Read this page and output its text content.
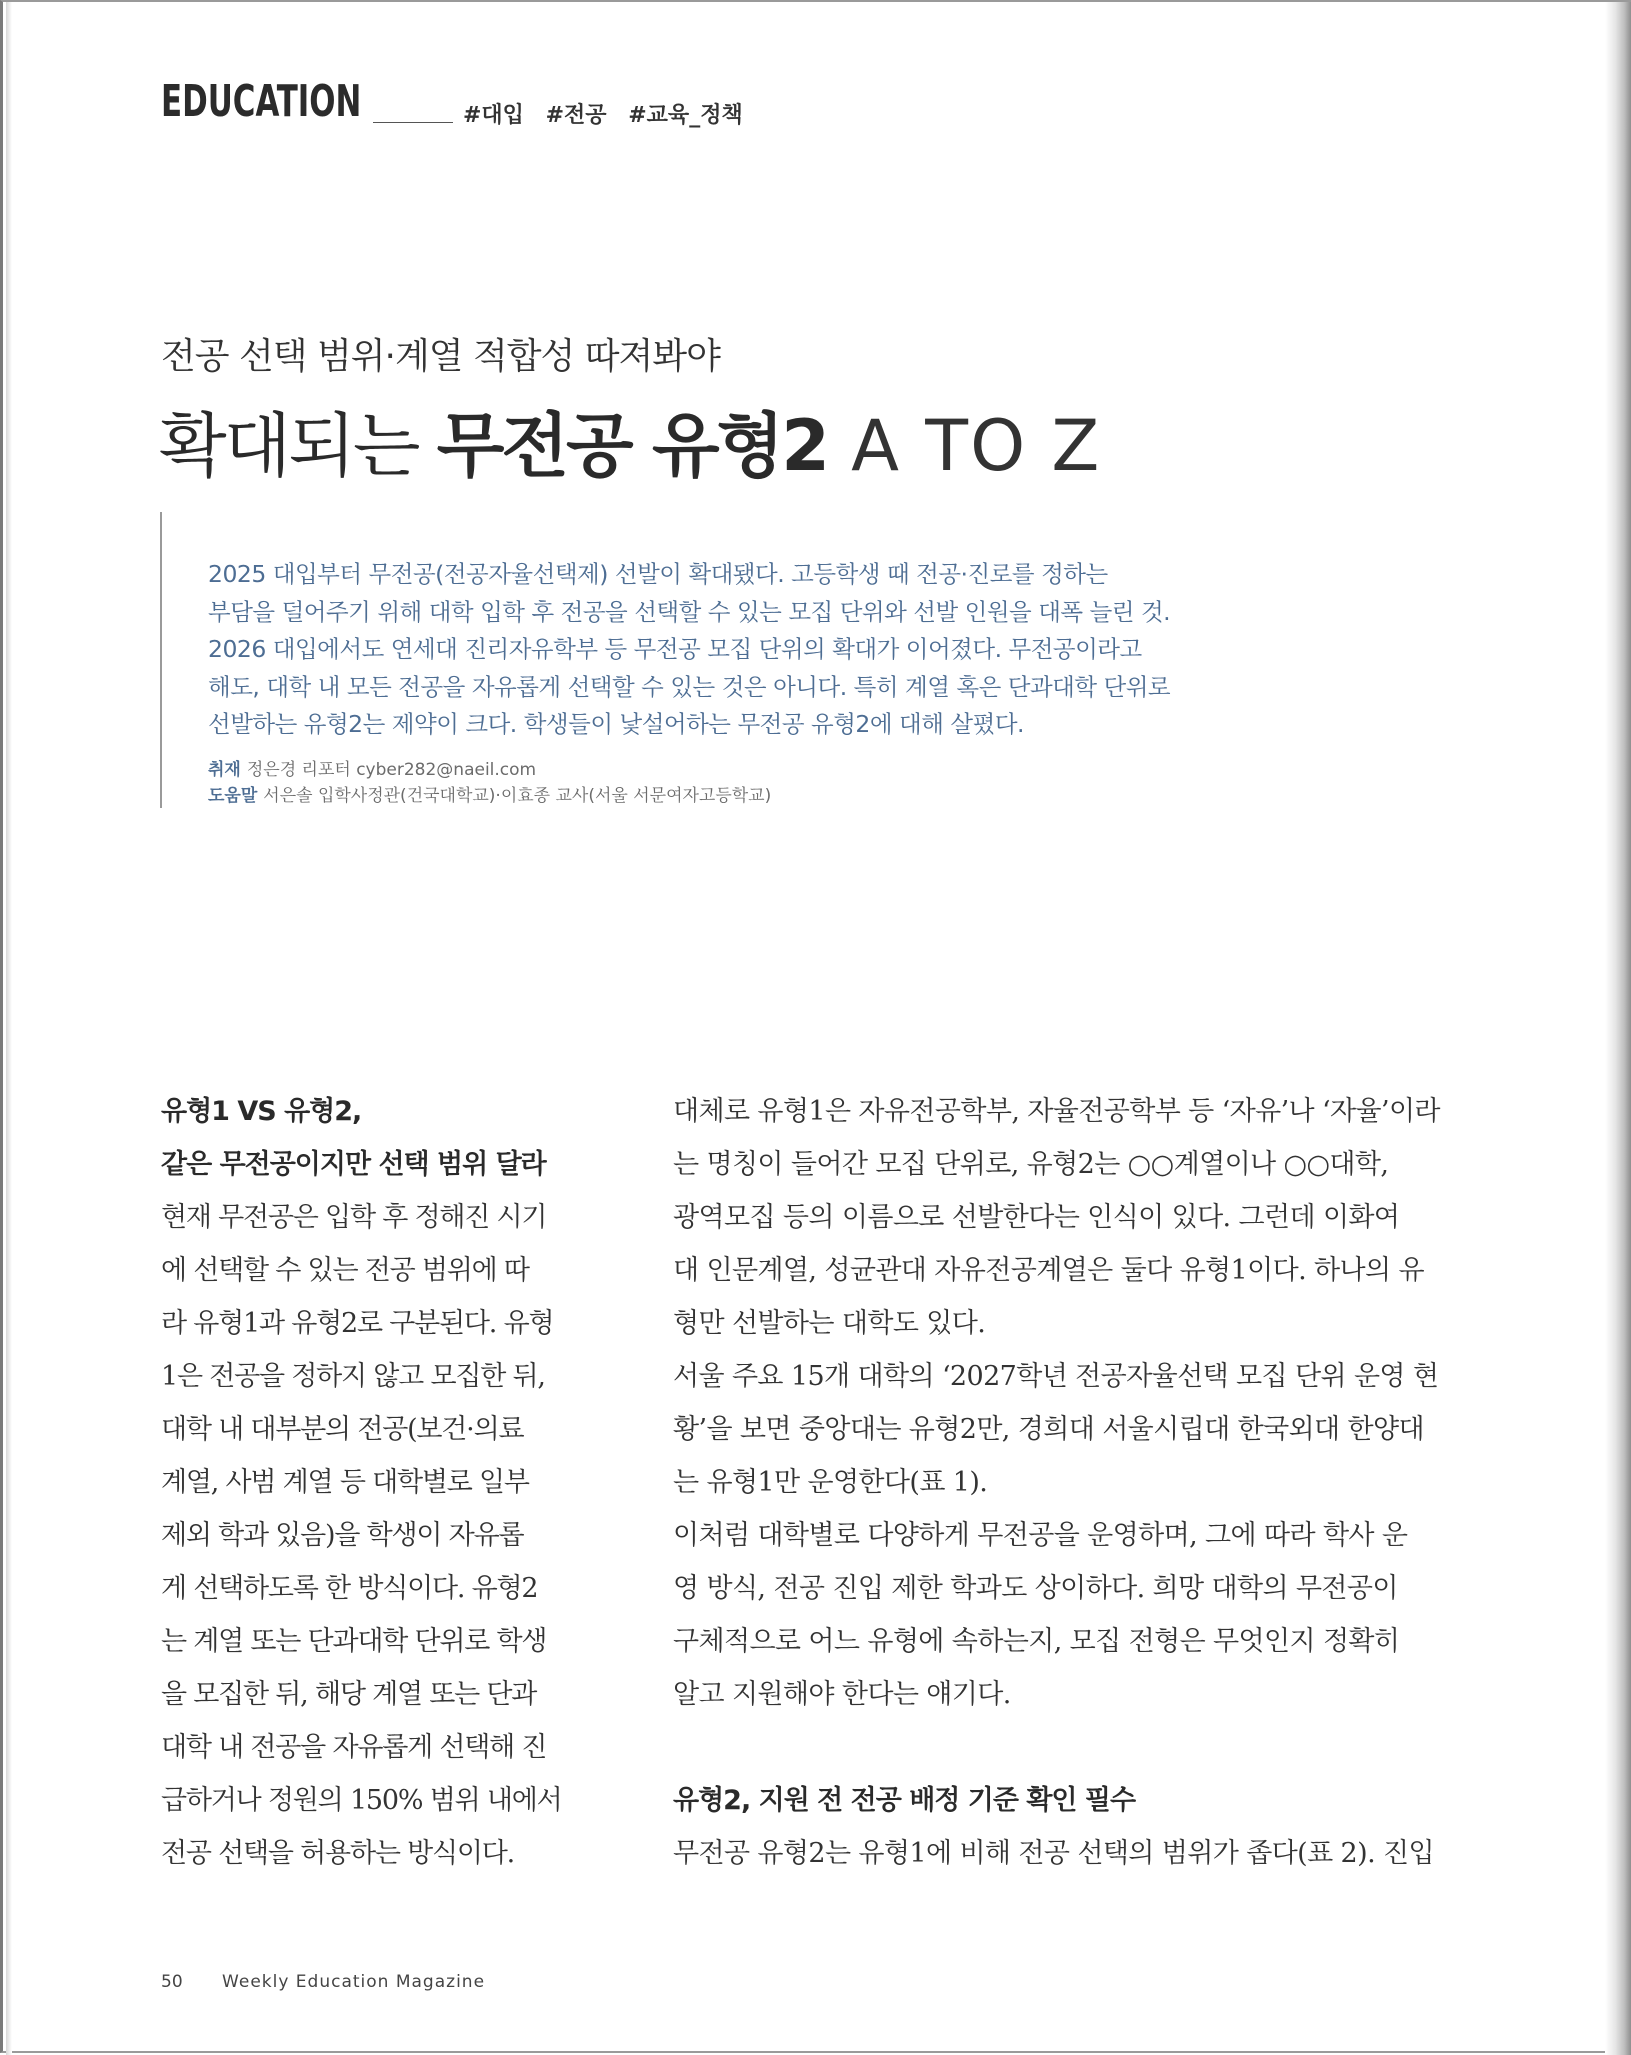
EDUCATION	#대입 #전공 #교육_정책
전공 선택 범위·계열 적합성 따져봐야
확대되는 무전공 유형2 A TO Z

2025 대입부터 무전공(전공자율선택제) 선발이 확대됐다. 고등학생 때 전공·진로를 정하는

부담을 덜어주기 위해 대학 입학 후 전공을 선택할 수 있는 모집 단위와 선발 인원을 대폭 늘린 것.

2026 대입에서도 연세대 진리자유학부 등 무전공 모집 단위의 확대가 이어졌다. 무전공이라고

해도, 대학 내 모든 전공을 자유롭게 선택할 수 있는 것은 아니다. 특히 계열 혹은 단과대학 단위로

선발하는 유형2는 제약이 크다. 학생들이 낯설어하는 무전공 유형2에 대해 살폈다.

취재 정은경 리포터 cyber282@naeil.com
도움말 서은솔 입학사정관(건국대학교)·이효종 교사(서울 서문여자고등학교)
유형1 VS 유형2,
같은 무전공이지만 선택 범위 달라
현재 무전공은 입학 후 정해진 시기
에 선택할 수 있는 전공 범위에 따
라 유형1과 유형2로 구분된다. 유형
1은 전공을 정하지 않고 모집한 뒤,
대학 내 대부분의 전공(보건·의료
계열, 사범 계열 등 대학별로 일부
제외 학과 있음)을 학생이 자유롭
게 선택하도록 한 방식이다. 유형2
는 계열 또는 단과대학 단위로 학생
을 모집한 뒤, 해당 계열 또는 단과
대학 내 전공을 자유롭게 선택해 진
급하거나 정원의 150% 범위 내에서
전공 선택을 허용하는 방식이다.
대체로 유형1은 자유전공학부, 자율전공학부 등 ‘자유’나 ‘자율’이라
는 명칭이 들어간 모집 단위로, 유형2는 ○○계열이나 ○○대학,
광역모집 등의 이름으로 선발한다는 인식이 있다. 그런데 이화여
대 인문계열, 성균관대 자유전공계열은 둘다 유형1이다. 하나의 유
형만 선발하는 대학도 있다.
서울 주요 15개 대학의 ‘2027학년 전공자율선택 모집 단위 운영 현
황’을 보면 중앙대는 유형2만, 경희대 서울시립대 한국외대 한양대
는 유형1만 운영한다(표 1).
이처럼 대학별로 다양하게 무전공을 운영하며, 그에 따라 학사 운
영 방식, 전공 진입 제한 학과도 상이하다. 희망 대학의 무전공이
구체적으로 어느 유형에 속하는지, 모집 전형은 무엇인지 정확히
알고 지원해야 한다는 얘기다.
유형2, 지원 전 전공 배정 기준 확인 필수
무전공 유형2는 유형1에 비해 전공 선택의 범위가 좁다(표 2). 진입
50 Weekly Education Magazine
